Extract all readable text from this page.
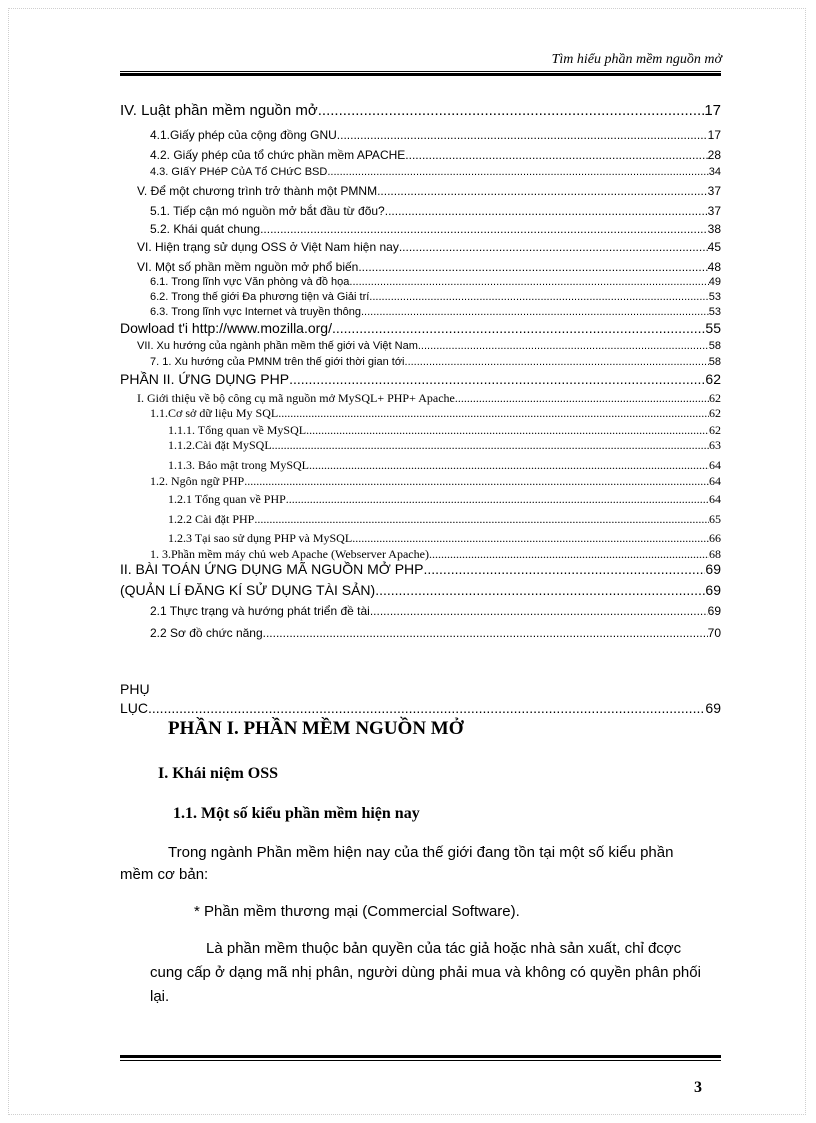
Tìm hiểu phần mềm nguồn mở
IV. Luật phần mềm nguồn mở .....	17
4.1.Giấy phép của cộng đồng GNU .....	17
4.2. Giấy phép của tổ chức phần mềm APACHE .....	28
4.3. GIấY PHéP CủA Tổ CHứC BSD .....	34
V. Để một chương trình trở thành một PMNM .....	37
5.1. Tiếp cận mó nguồn mở bắt đầu từ đõu? .....	37
5.2. Khái quát chung .....	38
VI. Hiện trạng sử dụng OSS ở Việt Nam hiện nay .....	45
VI. Một số phần mềm nguồn mở phổ biến .....	48
6.1. Trong lĩnh vực Văn phòng và đồ họa .....	49
6.2. Trong thế giới Đa phương tiện và Giải trí .....	53
6.3. Trong lĩnh vực Internet và truyền thông .....	53
Dowload t'i http://www.mozilla.org/ .....	55
VII. Xu hướng của ngành phần mềm thế giới và Việt Nam .....	58
7. 1. Xu hướng của PMNM trên thế giới thời gian tới. .....	58
PHẦN II. ỨNG DỤNG PHP .....	62
I. Giới thiệu về bộ công cụ mã nguồn mở MySQL+ PHP+ Apache .....	62
1.1.Cơ sở dữ liệu My SQL .....	62
1.1.1. Tổng quan về MySQL .....	62
1.1.2.Cài đặt MySQL .....	63
1.1.3. Bảo mật trong MySQL .....	64
1.2. Ngôn ngữ PHP .....	64
1.2.1 Tổng quan về PHP .....	64
1.2.2 Cài đặt PHP .....	65
1.2.3 Tại sao sử dụng PHP và MySQL .....	66
1. 3.Phần mềm máy chủ web Apache (Webserver Apache) .....	68
II. BÀI TOÁN ỨNG DỤNG MÃ NGUỒN MỞ PHP .....	69
(QUẢN LÍ ĐĂNG KÍ SỬ DỤNG TÀI SẢN) .....	69
2.1 Thực trạng và hướng phát triển đề tài .....	69
2.2 Sơ đồ chức năng .....	70
PHỤ
LỤC .....	69
PHẦN I. PHẦN MỀM NGUỒN MỞ
I. Khái niệm OSS
1.1. Một số kiểu phần mềm hiện nay
Trong ngành Phần mềm hiện nay của thế giới đang tồn tại một số kiểu phần
mềm cơ bản:
* Phần mềm thương mại (Commercial Software).
Là phần mềm thuộc bản quyền của tác giả hoặc nhà sản xuất, chỉ đcợc
cung cấp ở dạng mã nhị phân, người dùng phải mua và không có quyền phân phối
lại.
3
